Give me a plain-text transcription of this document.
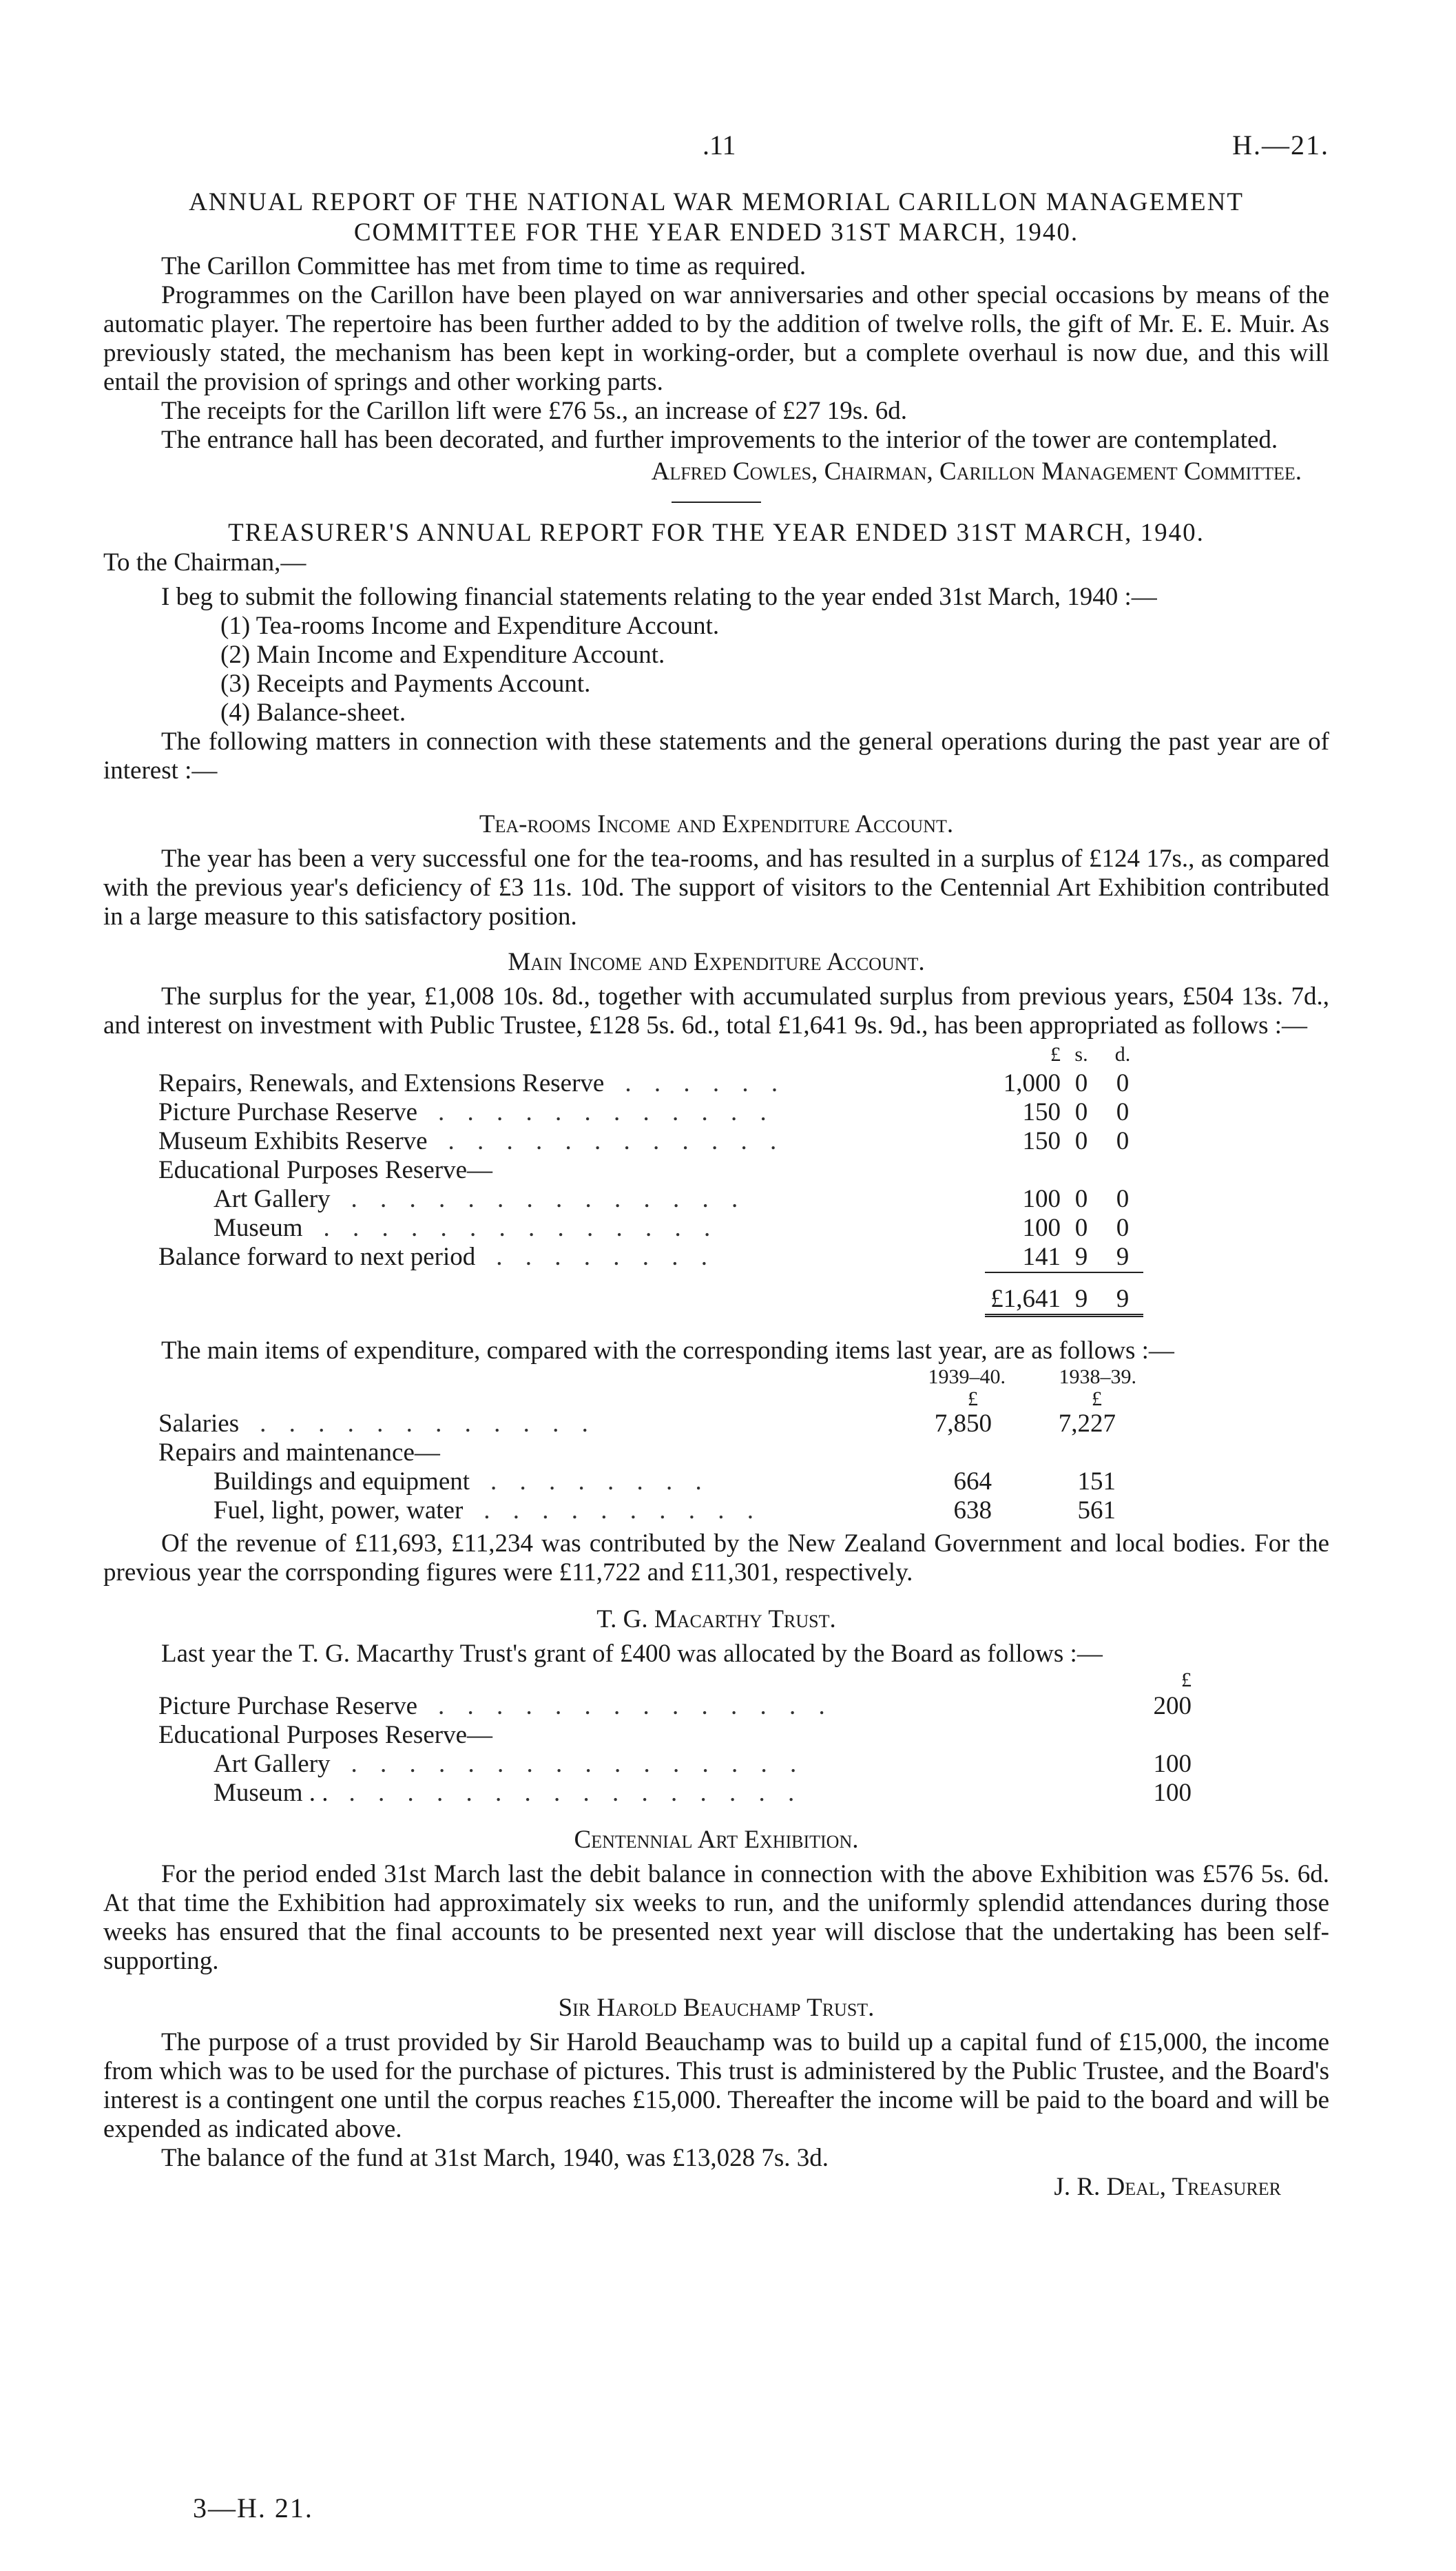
.11	H.—21.
ANNUAL REPORT OF THE NATIONAL WAR MEMORIAL CARILLON MANAGEMENT
COMMITTEE FOR THE YEAR ENDED 31ST MARCH, 1940.

The Carillon Committee has met from time to time as required.

Programmes on the Carillon have been played on war anniversaries and other special occasions by means of the automatic player. The repertoire has been further added to by the addition of twelve rolls, the gift of Mr. E. E. Muir. As previously stated, the mechanism has been kept in working-order, but a complete overhaul is now due, and this will entail the provision of springs and other working parts.

The receipts for the Carillon lift were £76 5s., an increase of £27 19s. 6d.

The entrance hall has been decorated, and further improvements to the interior of the tower are contemplated.

Alfred Cowles, Chairman, Carillon Management Committee.

TREASURER'S ANNUAL REPORT FOR THE YEAR ENDED 31ST MARCH, 1940.

To the Chairman,—

I beg to submit the following financial statements relating to the year ended 31st March, 1940 :—

(1) Tea-rooms Income and Expenditure Account.
(2) Main Income and Expenditure Account.
(3) Receipts and Payments Account.
(4) Balance-sheet.

The following matters in connection with these statements and the general operations during the past year are of interest :—

Tea-rooms Income and Expenditure Account.

The year has been a very successful one for the tea-rooms, and has resulted in a surplus of £124 17s., as compared with the previous year's deficiency of £3 11s. 10d. The support of visitors to the Centennial Art Exhibition contributed in a large measure to this satisfactory position.

Main Income and Expenditure Account.

The surplus for the year, £1,008 10s. 8d., together with accumulated surplus from previous years, £504 13s. 7d., and interest on investment with Public Trustee, £128 5s. 6d., total £1,641 9s. 9d., has been appropriated as follows :—

	£	s.	d.
Repairs, Renewals, and Extensions Reserve . . . . . .	1,000	0	0
Picture Purchase Reserve . . . . . . . . . . . .	150	0	0
Museum Exhibits Reserve . . . . . . . . . . . .	150	0	0
Educational Purposes Reserve—			
Art Gallery . . . . . . . . . . . . . .	100	0	0
Museum . . . . . . . . . . . . . .	100	0	0
Balance forward to next period . . . . . . . .	141	9	9

	£1,641	9	9

The main items of expenditure, compared with the corresponding items last year, are as follows :—

	1939–40.	1938–39.
	£	£
Salaries . . . . . . . . . . . .	7,850	7,227
Repairs and maintenance—		
Buildings and equipment . . . . . . . .	664	151
Fuel, light, power, water . . . . . . . . . .	638	561

Of the revenue of £11,693, £11,234 was contributed by the New Zealand Government and local bodies. For the previous year the corrsponding figures were £11,722 and £11,301, respectively.

T. G. Macarthy Trust.

Last year the T. G. Macarthy Trust's grant of £400 was allocated by the Board as follows :—

	£
Picture Purchase Reserve . . . . . . . . . . . . . .	200
Educational Purposes Reserve—	
Art Gallery . . . . . . . . . . . . . . . .	100
Museum . . . . . . . . . . . . . . . . . .	100
Centennial Art Exhibition.

For the period ended 31st March last the debit balance in connection with the above Exhibition was £576 5s. 6d. At that time the Exhibition had approximately six weeks to run, and the uniformly splendid attendances during those weeks has ensured that the final accounts to be presented next year will disclose that the undertaking has been self-supporting.

Sir Harold Beauchamp Trust.

The purpose of a trust provided by Sir Harold Beauchamp was to build up a capital fund of £15,000, the income from which was to be used for the purchase of pictures. This trust is administered by the Public Trustee, and the Board's interest is a contingent one until the corpus reaches £15,000. Thereafter the income will be paid to the board and will be expended as indicated above.

The balance of the fund at 31st March, 1940, was £13,028 7s. 3d.

J. R. Deal, Treasurer

3—H. 21.
